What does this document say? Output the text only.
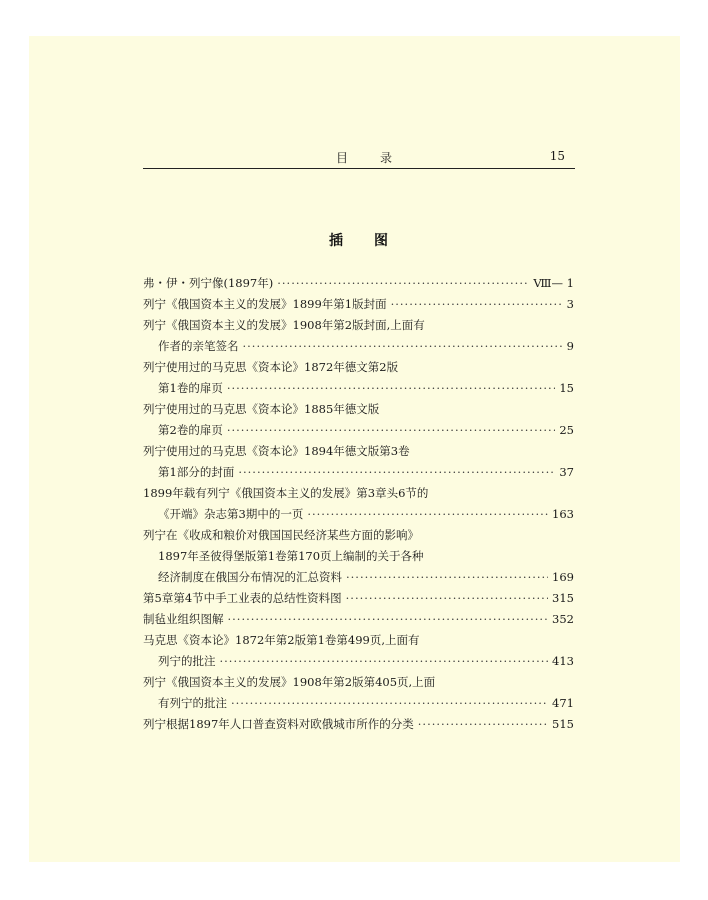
目	录	15
插 图
弗・伊・列宁像(1897年) ·····	Ⅷ— 1
列宁《俄国资本主义的发展》1899年第1版封面 ·····	3
列宁《俄国资本主义的发展》1908年第2版封面,上面有
作者的亲笔签名 ·····	9
列宁使用过的马克思《资本论》1872年德文第2版
第1卷的扉页 ·····	15
列宁使用过的马克思《资本论》1885年德文版
第2卷的扉页 ·····	25
列宁使用过的马克思《资本论》1894年德文版第3卷
第1部分的封面 ·····	37
1899年载有列宁《俄国资本主义的发展》第3章头6节的
《开端》杂志第3期中的一页 ·····	163
列宁在《收成和粮价对俄国国民经济某些方面的影响》
1897年圣彼得堡版第1卷第170页上编制的关于各种
经济制度在俄国分布情况的汇总资料 ·····	169
第5章第4节中手工业表的总结性资料图 ·····	315
制毡业组织图解 ·····	352
马克思《资本论》1872年第2版第1卷第499页,上面有
列宁的批注 ·····	413
列宁《俄国资本主义的发展》1908年第2版第405页,上面
有列宁的批注 ·····	471
列宁根据1897年人口普查资料对欧俄城市所作的分类 ·····	515
